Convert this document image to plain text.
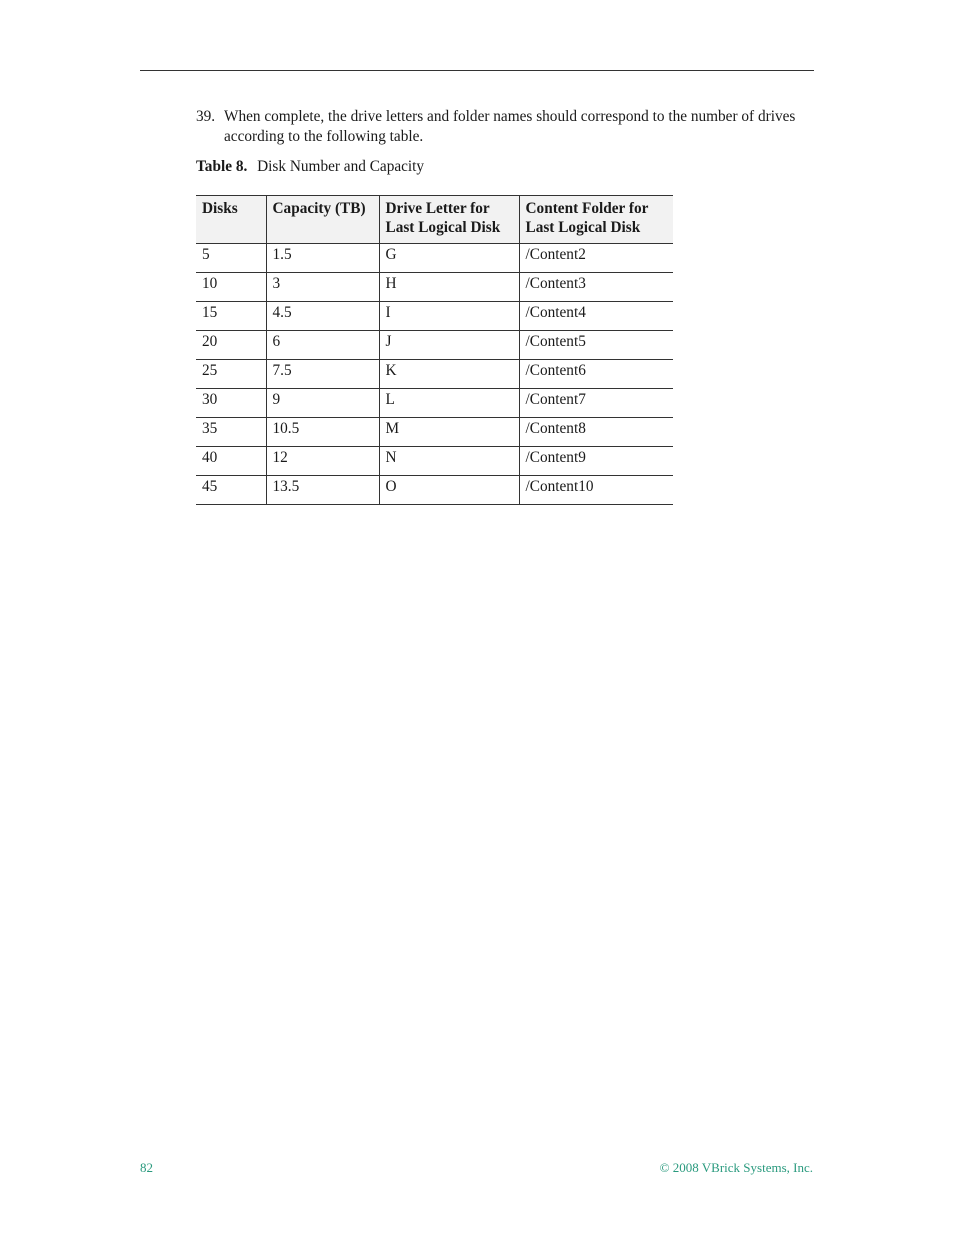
39. When complete, the drive letters and folder names should correspond to the number of drives according to the following table.
Table 8. Disk Number and Capacity
Disks	Capacity (TB)	Drive Letter for Last Logical Disk	Content Folder for Last Logical Disk
5	1.5	G	/Content2
10	3	H	/Content3
15	4.5	I	/Content4
20	6	J	/Content5
25	7.5	K	/Content6
30	9	L	/Content7
35	10.5	M	/Content8
40	12	N	/Content9
45	13.5	O	/Content10
82	© 2008 VBrick Systems, Inc.
